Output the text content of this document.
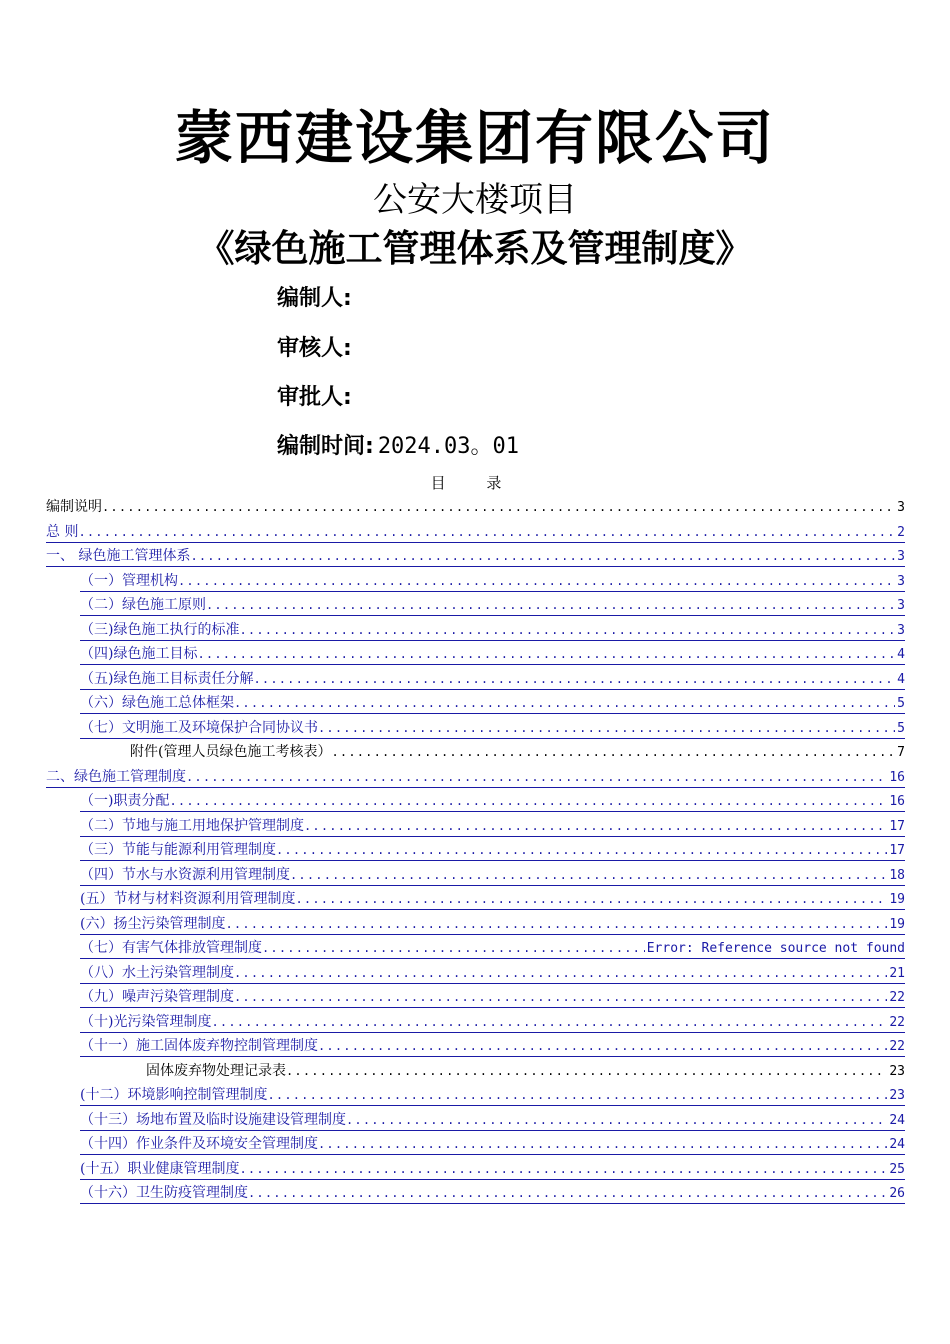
蒙西建设集团有限公司
公安大楼项目
《绿色施工管理体系及管理制度》
编制人:
审核人:
审批人:
编制时间: 2024.03。01
目 录
编制说明 .....	3
总 则 .....	2
一、 绿色施工管理体系 .....	3
（一）管理机构 .....	3
（二）绿色施工原则 .....	3
（三)绿色施工执行的标准 .....	3
（四)绿色施工目标 .....	4
（五)绿色施工目标责任分解 .....	4
（六）绿色施工总体框架 .....	5
（七）文明施工及环境保护合同协议书 .....	5
附件(管理人员绿色施工考核表） .....	7
二、绿色施工管理制度 .....	16
（一)职责分配 .....	16
（二）节地与施工用地保护管理制度 .....	17
（三）节能与能源利用管理制度 .....	17
（四）节水与水资源利用管理制度 .....	18
(五）节材与材料资源利用管理制度 .....	19
(六）扬尘污染管理制度 .....	19
（七）有害气体排放管理制度 .....	Error: Reference source not found
（八）水土污染管理制度 .....	21
（九）噪声污染管理制度 .....	22
（十)光污染管理制度 .....	22
（十一）施工固体废弃物控制管理制度 .....	22
固体废弃物处理记录表 .....	23
(十二）环境影响控制管理制度 .....	23
（十三）场地布置及临时设施建设管理制度 .....	24
（十四）作业条件及环境安全管理制度 .....	24
(十五）职业健康管理制度 .....	25
（十六）卫生防疫管理制度 .....	26
